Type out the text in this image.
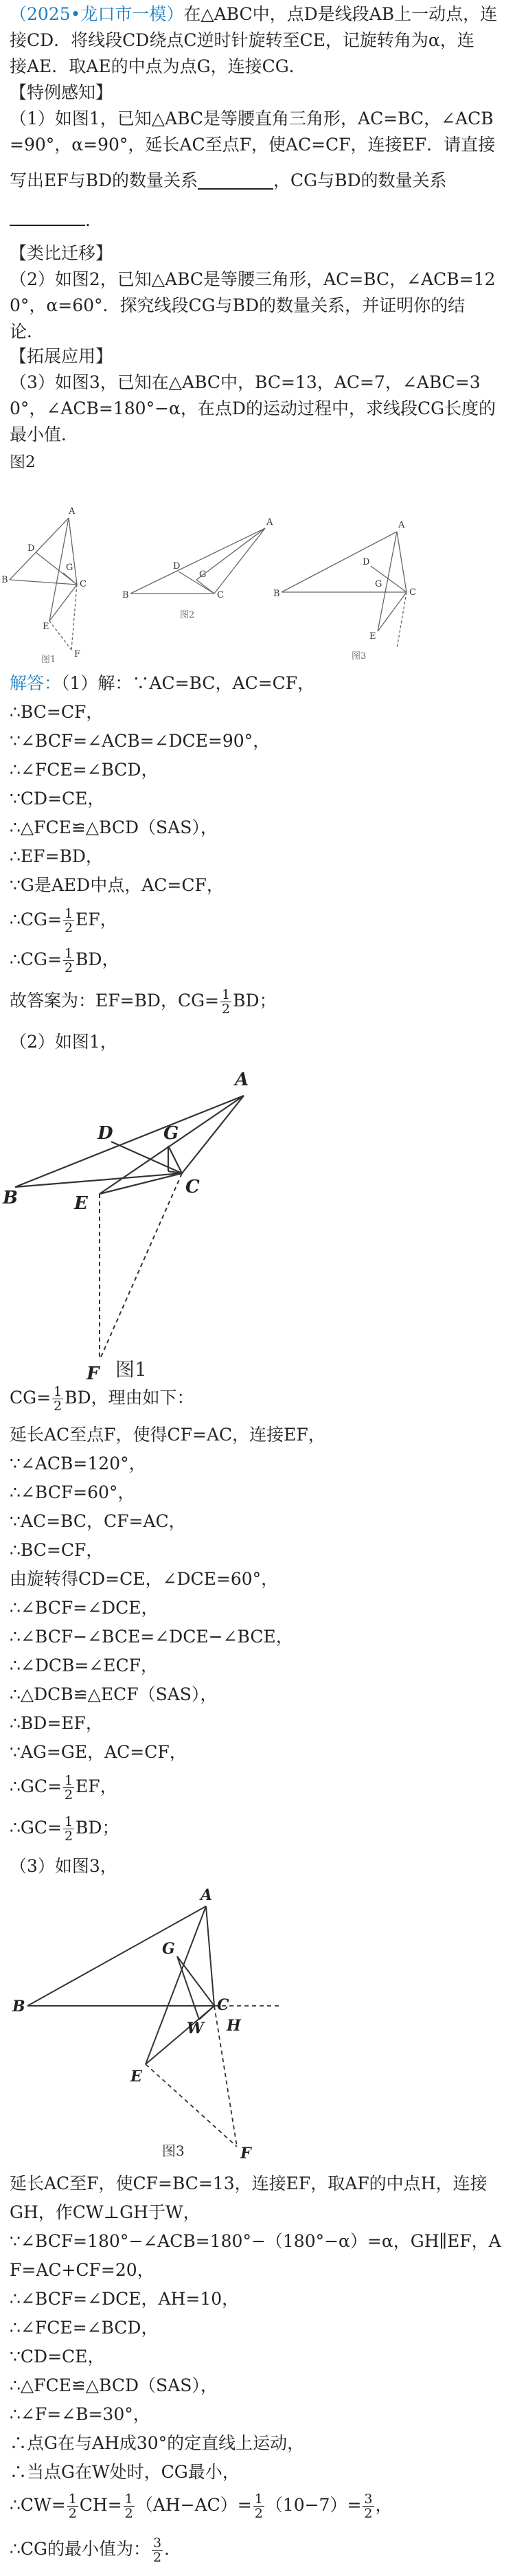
（2025•龙口市一模）在△ABC中，点D是线段AB上一动点，连
接CD．将线段CD绕点C逆时针旋转至CE，记旋转角为α，连
接AE．取AE的中点为点G，连接CG．
【特例感知】
（1）如图1，已知△ABC是等腰直角三角形，AC=BC，∠ACB
=90°，α=90°，延长AC至点F，使AC=CF，连接EF．请直接
写出EF与BD的数量关系	，CG与BD的数量关系
．
【类比迁移】
（2）如图2，已知△ABC是等腰三角形，AC=BC，∠ACB=12
0°，α=60°．探究线段CG与BD的数量关系，并证明你的结
论．
【拓展应用】
（3）如图3，已知在△ABC中，BC=13，AC=7，∠ABC=3
0°，∠ACB=180°−α，在点D的运动过程中，求线段CG长度的
最小值．
图2
A
B	C
D
E
G
F
A
B	C
D
G
A
B	C
D
G
E
图1
图2
图3
解答：（1）解：∵AC=BC，AC=CF，
∴BC=CF，
∵∠BCF=∠ACB=∠DCE=90°，
∴∠FCE=∠BCD，
∵CD=CE，
∴△FCE≌△BCD（SAS），
∴EF=BD，
∵G是AED中点，AC=CF，
∴CG= $\frac{1}{2}$ EF，
∴CG= $\frac{1}{2}$ BD，
故答案为：EF=BD，$CG= \frac{1}{2}$ BD；
（2）如图1，
A
B
C
D	G
E
F 图1
$CG= \frac{1}{2}$ BD，理由如下：
延长AC至点F，使得CF=AC，连接EF，
∵∠ACB=120°，
∴∠BCF=60°，
∵AC=BC，CF=AC，
∴BC=CF，
由旋转得CD=CE，∠DCE=60°，
∴∠BCF=∠DCE，
∴∠BCF−∠BCE=∠DCE−∠BCE，
∴∠DCB=∠ECF，
∴△DCB≌△ECF（SAS），
∴BD=EF，
∵AG=GE，AC=CF，
∴GC= $\frac{1}{2}$ EF，
∴GC= $\frac{1}{2}$ BD；
（3）如图3，
A
B	C
G
W H
E
F
图3
延长AC至F，使CF=BC=13，连接EF，取AF的中点H，连接
GH，作CW⊥GH于W，
∵∠BCF=180°−∠ACB=180°−（180°−α）=α，GH∥EF，A
F=AC+CF=20，
∴∠BCF=∠DCE，AH=10，
∴∠FCE=∠BCD，
∵CD=CE，
∴△FCE≌△BCD（SAS），
∴∠F=∠B=30°，
∴点G在与AH成30°的定直线上运动，
∴当点G在W处时，CG最小，
∴CW= $\frac{1}{2} CH= \frac{1}{2} (AH-AC)= \frac{1}{2} (10-7)= \frac{3}{2}$ ，
∴CG的最小值为： $\frac{3}{2}$ ．
